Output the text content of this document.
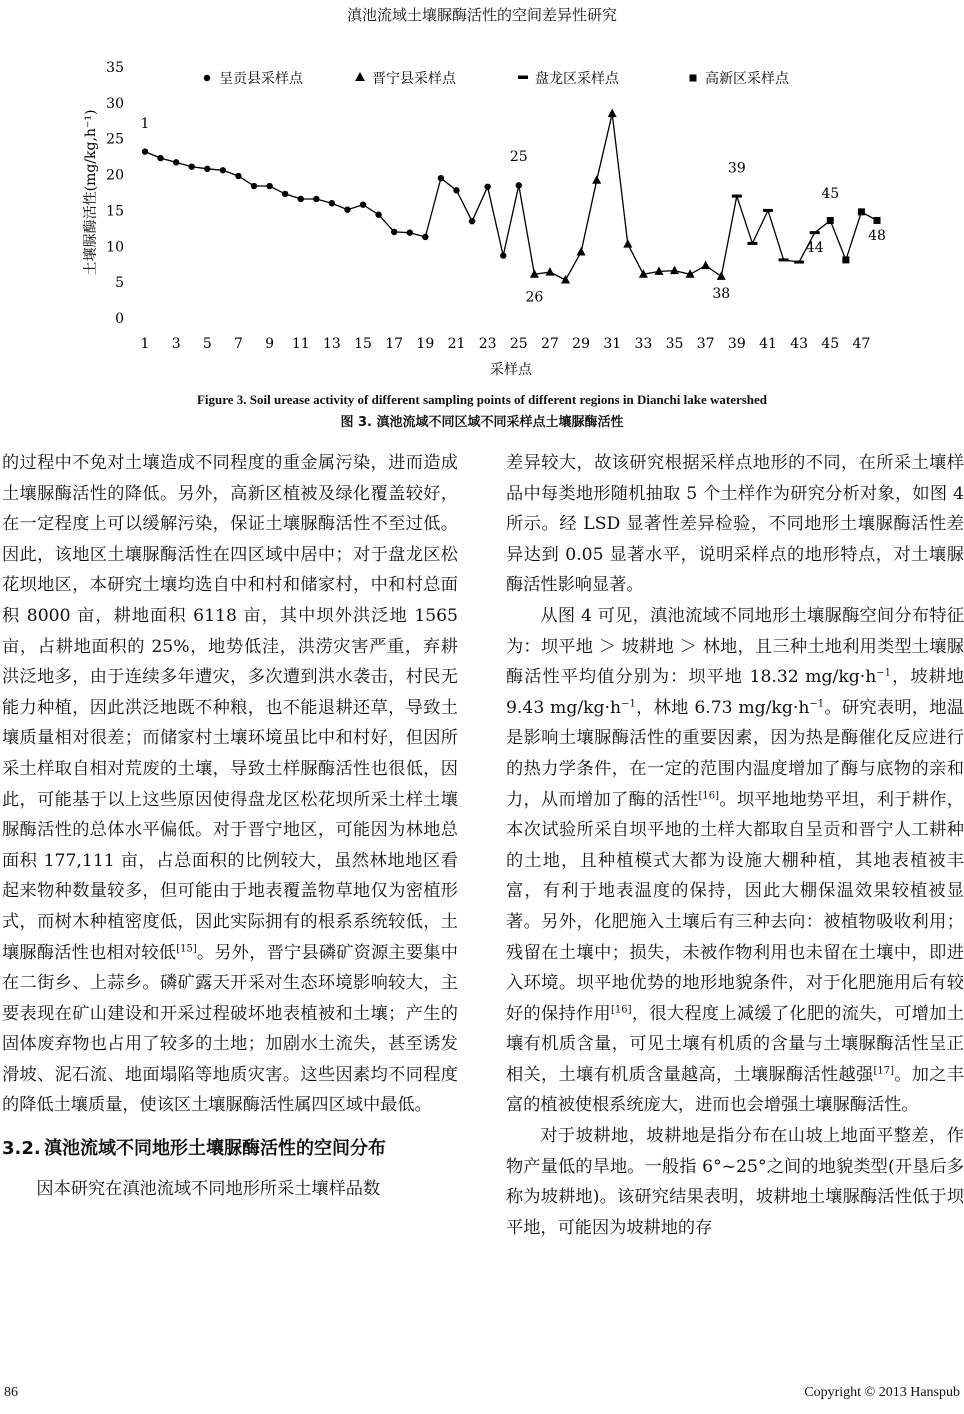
滇池流域土壤脲酶活性的空间差异性研究
0
5
10
15
20
25
30
35
1 3 5 7 9 11 13 15 17 19 21 23 25 27 29 31 33 35 37 39 41 43 45 47
土壤脲酶活性(mg/kg,h⁻¹)
采样点
呈贡县采样点	晋宁县采样点	盘龙区采样点	高新区采样点
1
25
26	38
39
44
45
48
Figure 3. Soil urease activity of different sampling points of different regions in Dianchi lake watershed
图 3. 滇池流域不同区域不同采样点土壤脲酶活性

的过程中不免对土壤造成不同程度的重金属污染，进而造成土壤脲酶活性的降低。另外，高新区植被及绿化覆盖较好，在一定程度上可以缓解污染，保证土壤脲酶活性不至过低。因此，该地区土壤脲酶活性在四区域中居中；对于盘龙区松花坝地区，本研究土壤均选自中和村和储家村，中和村总面积 8000 亩，耕地面积 6118 亩，其中坝外洪泛地 1565 亩，占耕地面积的 25%，地势低洼，洪涝灾害严重，弃耕洪泛地多，由于连续多年遭灾，多次遭到洪水袭击，村民无能力种植，因此洪泛地既不种粮，也不能退耕还草，导致土壤质量相对很差；而储家村土壤环境虽比中和村好，但因所采土样取自相对荒废的土壤，导致土样脲酶活性也很低，因此，可能基于以上这些原因使得盘龙区松花坝所采土样土壤脲酶活性的总体水平偏低。对于晋宁地区，可能因为林地总面积 177,111 亩，占总面积的比例较大，虽然林地地区看起来物种数量较多，但可能由于地表覆盖物草地仅为密植形式，而树木种植密度低，因此实际拥有的根系系统较低，土壤脲酶活性也相对较低[15]。另外，晋宁县磷矿资源主要集中在二街乡、上蒜乡。磷矿露天开采对生态环境影响较大，主要表现在矿山建设和开采过程破坏地表植被和土壤；产生的固体废弃物也占用了较多的土地；加剧水土流失，甚至诱发滑坡、泥石流、地面塌陷等地质灾害。这些因素均不同程度的降低土壤质量，使该区土壤脲酶活性属四区域中最低。

3.2. 滇池流域不同地形土壤脲酶活性的空间分布

因本研究在滇池流域不同地形所采土壤样品数

差异较大，故该研究根据采样点地形的不同，在所采土壤样品中每类地形随机抽取 5 个土样作为研究分析对象，如图 4 所示。经 LSD 显著性差异检验，不同地形土壤脲酶活性差异达到 0.05 显著水平，说明采样点的地形特点，对土壤脲酶活性影响显著。

从图 4 可见，滇池流域不同地形土壤脲酶空间分布特征为：坝平地 ＞ 坡耕地 ＞ 林地，且三种土地利用类型土壤脲酶活性平均值分别为：坝平地 18.32 $mg/kg\cdot h^{-1}$，坡耕地 9.43 $mg/kg\cdot h^{-1}$，林地 6.73 $mg/kg\cdot h^{-1}$。研究表明，地温是影响土壤脲酶活性的重要因素，因为热是酶催化反应进行的热力学条件，在一定的范围内温度增加了酶与底物的亲和力，从而增加了酶的活性[16]。坝平地地势平坦，利于耕作，本次试验所采自坝平地的土样大都取自呈贡和晋宁人工耕种的土地，且种植模式大都为设施大棚种植，其地表植被丰富，有利于地表温度的保持，因此大棚保温效果较植被显著。另外，化肥施入土壤后有三种去向：被植物吸收利用；残留在土壤中；损失，未被作物利用也未留在土壤中，即进入环境。坝平地优势的地形地貌条件，对于化肥施用后有较好的保持作用[16]，很大程度上减缓了化肥的流失，可增加土壤有机质含量，可见土壤有机质的含量与土壤脲酶活性呈正相关，土壤有机质含量越高，土壤脲酶活性越强[17]。加之丰富的植被使根系统庞大，进而也会增强土壤脲酶活性。

对于坡耕地，坡耕地是指分布在山坡上地面平整差，作物产量低的旱地。一般指 6°~25°之间的地貌类型(开垦后多称为坡耕地)。该研究结果表明，坡耕地土壤脲酶活性低于坝平地，可能因为坡耕地的存

86	Copyright © 2013 Hanspub
